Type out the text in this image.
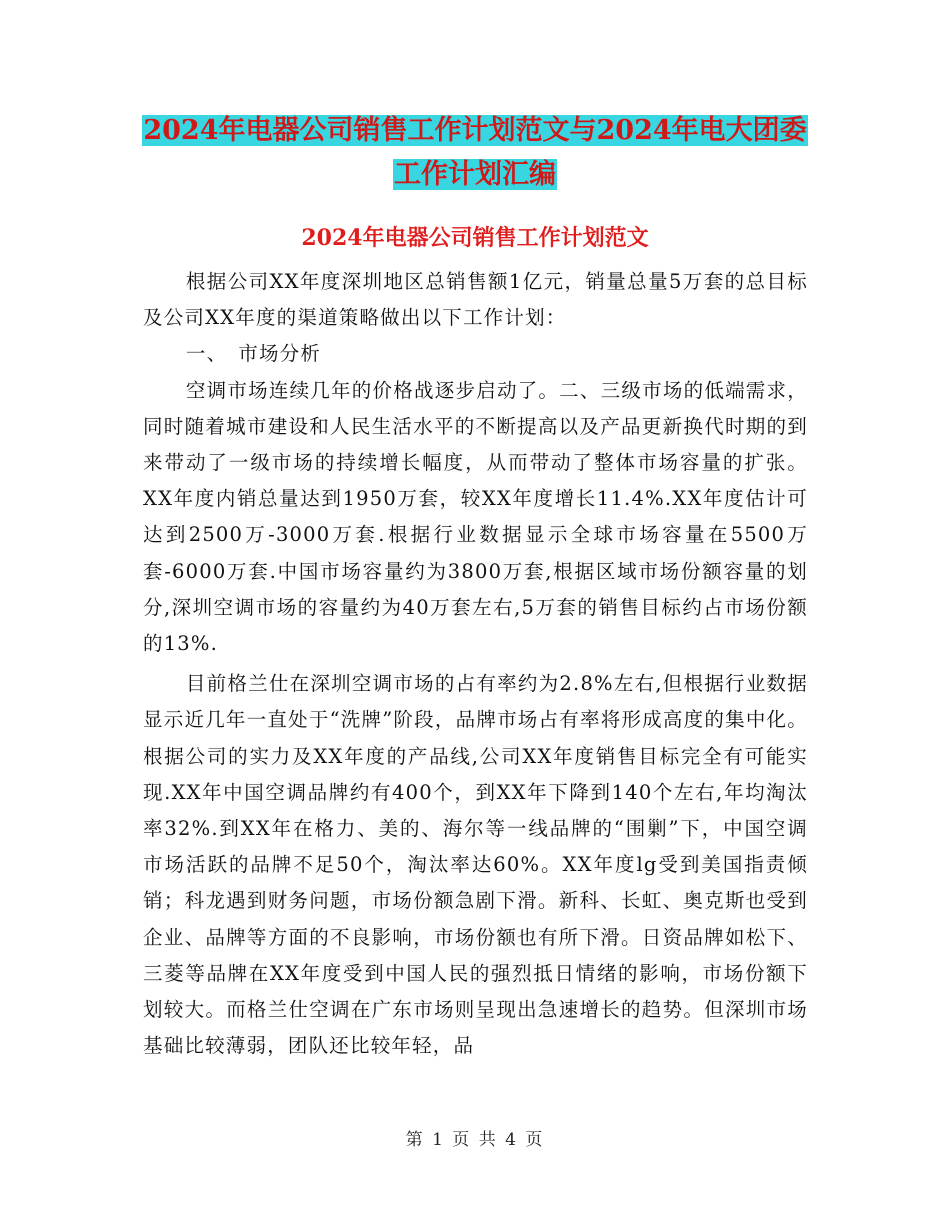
2024年电器公司销售工作计划范文与2024年电大团委
工作计划汇编
2024年电器公司销售工作计划范文

根据公司XX年度深圳地区总销售额1亿元，销量总量5万套的总目标及公司XX年度的渠道策略做出以下工作计划：

一、　市场分析

空调市场连续几年的价格战逐步启动了。二、三级市场的低端需求，同时随着城市建设和人民生活水平的不断提高以及产品更新换代时期的到来带动了一级市场的持续增长幅度，从而带动了整体市场容量的扩张。XX年度内销总量达到1950万套，较XX年度增长11.4%.XX年度估计可达到2500万-3000万套.根据行业数据显示全球市场容量在5500万套-6000万套.中国市场容量约为3800万套,根据区域市场份额容量的划分,深圳空调市场的容量约为40万套左右,5万套的销售目标约占市场份额的13%.

目前格兰仕在深圳空调市场的占有率约为2.8%左右,但根据行业数据显示近几年一直处于“洗牌”阶段，品牌市场占有率将形成高度的集中化。根据公司的实力及XX年度的产品线,公司XX年度销售目标完全有可能实现.XX年中国空调品牌约有400个，到XX年下降到140个左右,年均淘汰率32%.到XX年在格力、美的、海尔等一线品牌的“围剿”下，中国空调市场活跃的品牌不足50个，淘汰率达60%。XX年度lg受到美国指责倾销；科龙遇到财务问题，市场份额急剧下滑。新科、长虹、奥克斯也受到企业、品牌等方面的不良影响，市场份额也有所下滑。日资品牌如松下、三菱等品牌在XX年度受到中国人民的强烈抵日情绪的影响，市场份额下划较大。而格兰仕空调在广东市场则呈现出急速增长的趋势。但深圳市场基础比较薄弱，团队还比较年轻，品

第 1 页 共 4 页
